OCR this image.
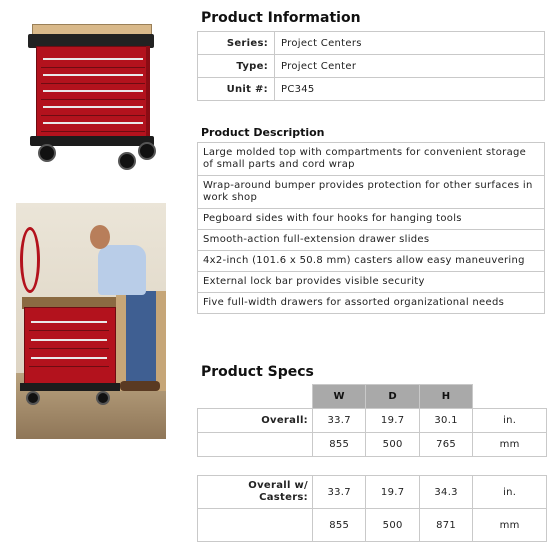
Product Information
Series:	Project Centers
Type:	Project Center
Unit #:	PC345
Product Description
Large molded top with compartments for convenient storage of small parts and cord wrap
Wrap-around bumper provides protection for other surfaces in work shop
Pegboard sides with four hooks for hanging tools
Smooth-action full-extension drawer slides
4x2-inch (101.6 x 50.8 mm) casters allow easy maneuvering
External lock bar provides visible security
Five full-width drawers for assorted organizational needs
Product Specs
	W	D	H	
Overall:	33.7	19.7	30.1	in.
	855	500	765	mm
Overall w/
Casters:	33.7	19.7	34.3	in.
	855	500	871	mm
